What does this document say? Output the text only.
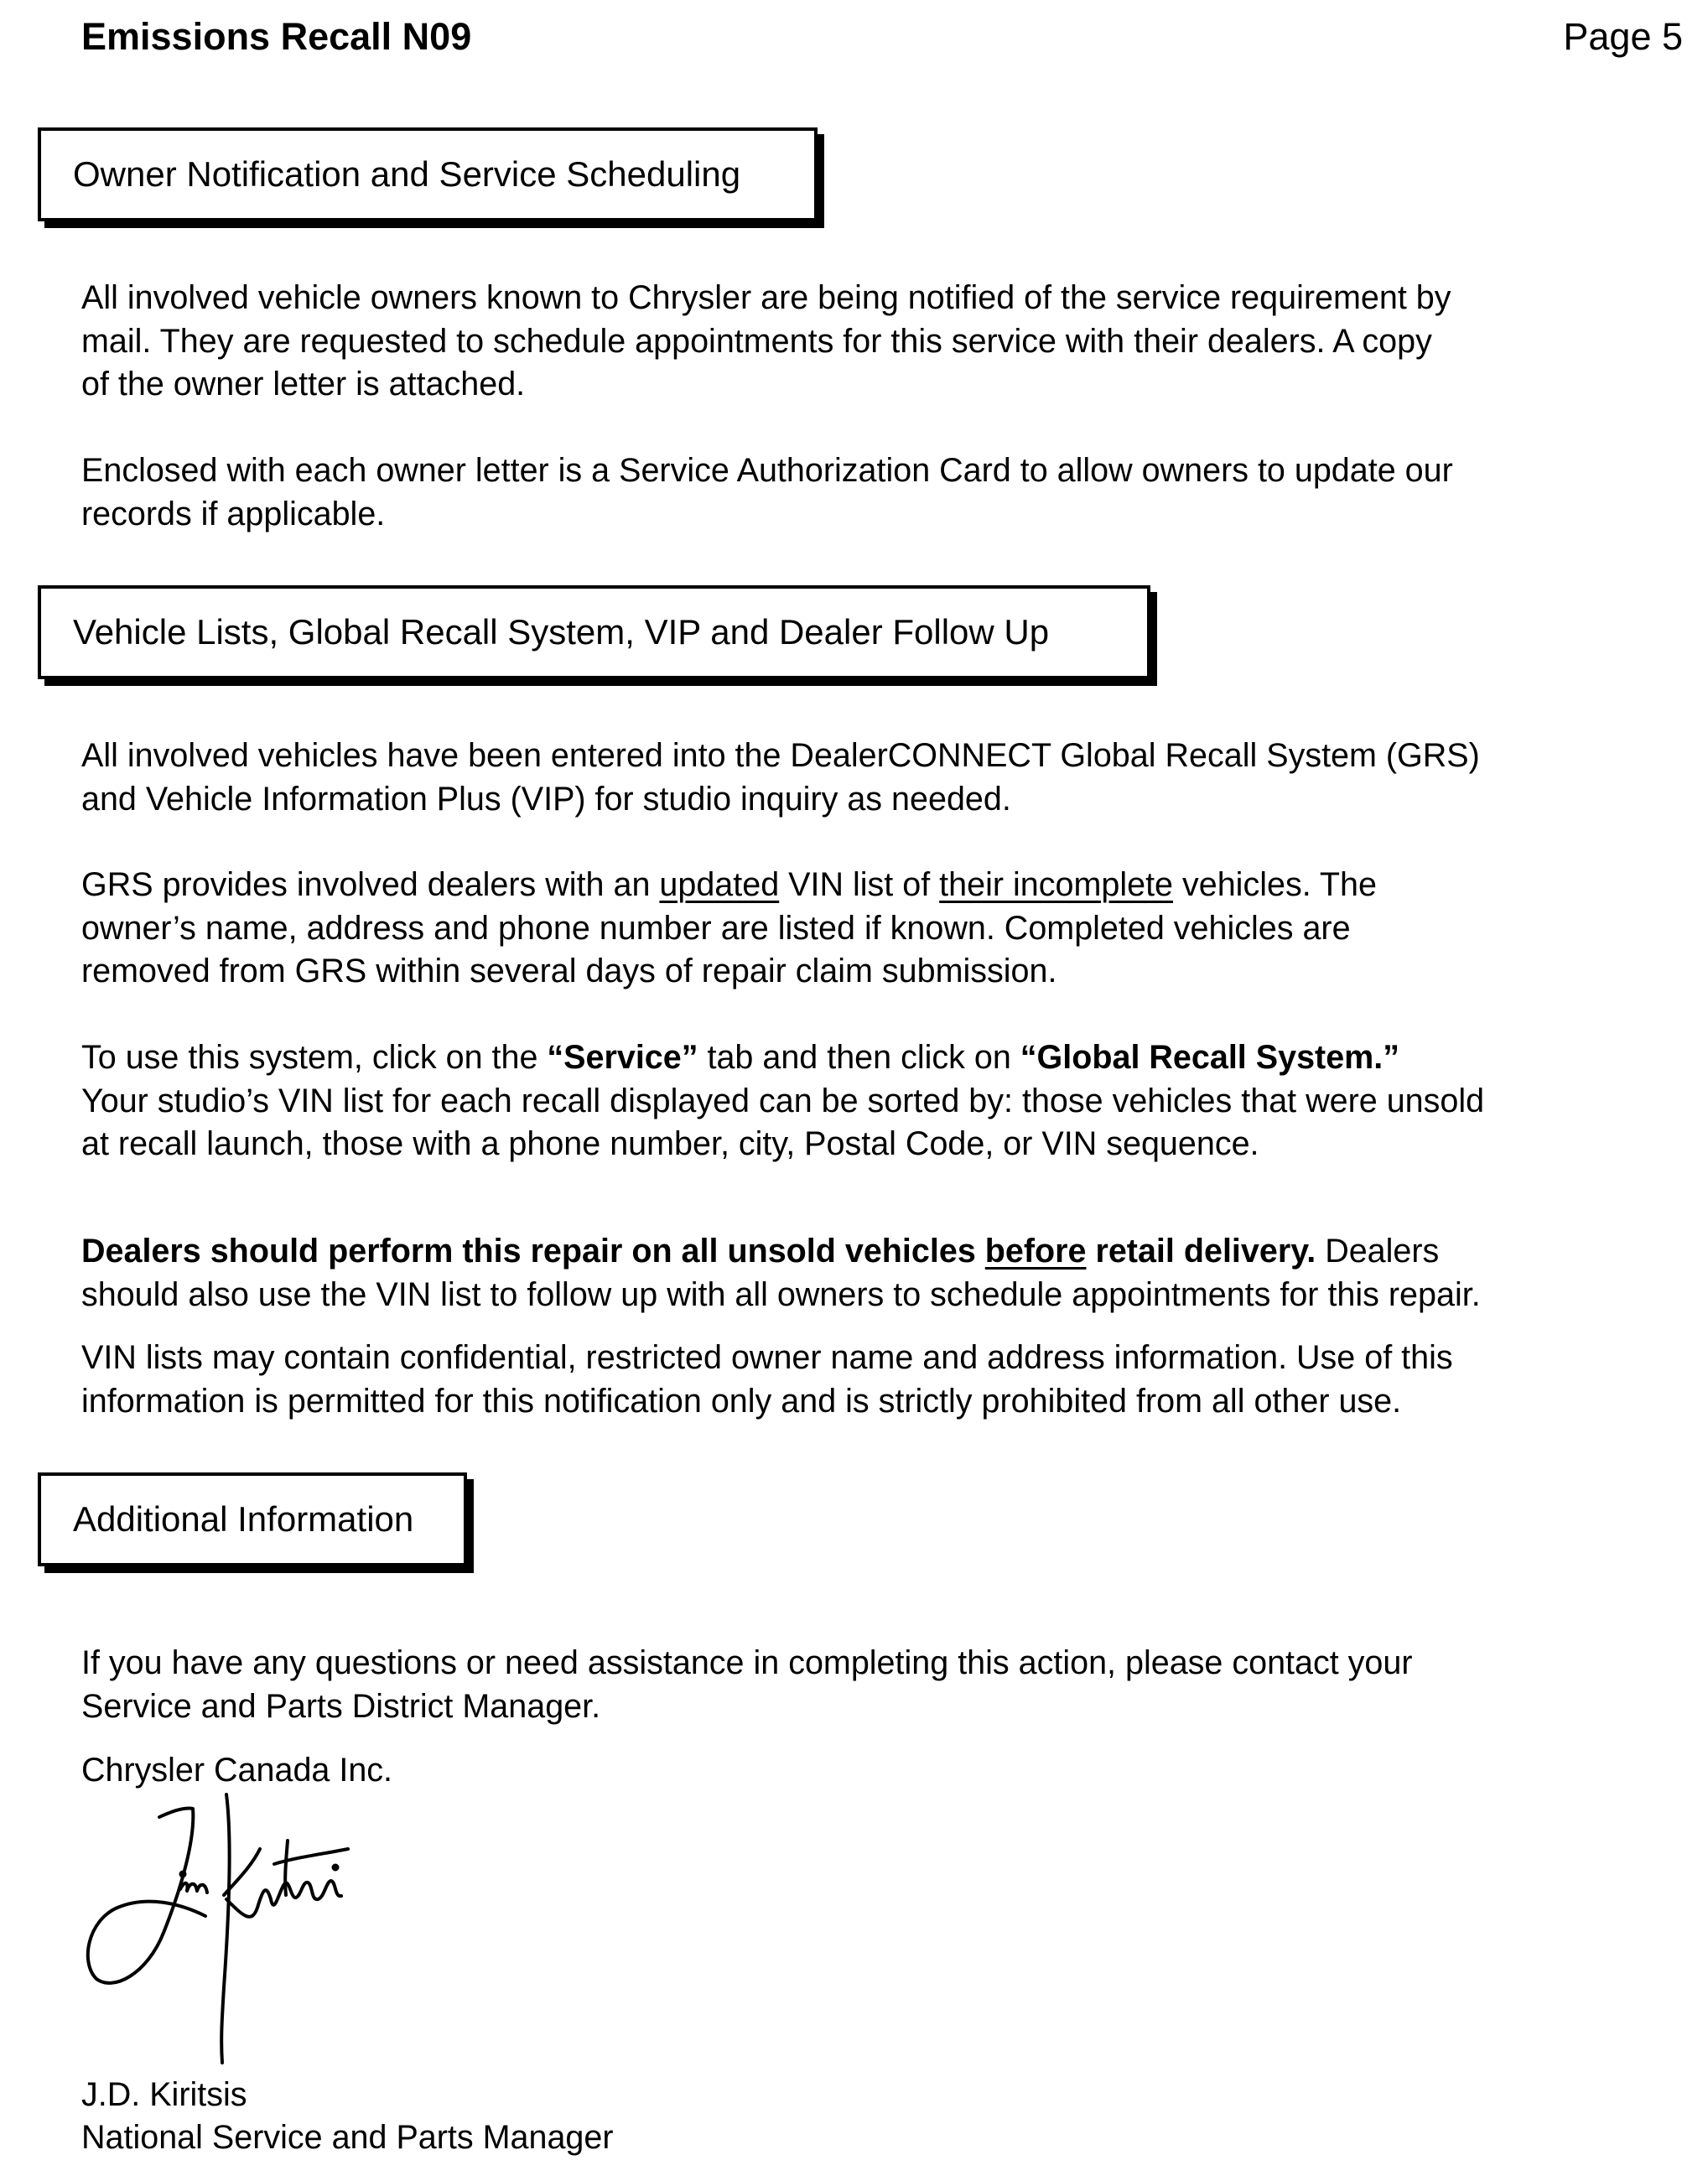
Emissions Recall N09	Page 5
Owner Notification and Service Scheduling

All involved vehicle owners known to Chrysler are being notified of the service requirement by

mail. They are requested to schedule appointments for this service with their dealers. A copy

of the owner letter is attached.

Enclosed with each owner letter is a Service Authorization Card to allow owners to update our

records if applicable.

Vehicle Lists, Global Recall System, VIP and Dealer Follow Up

All involved vehicles have been entered into the DealerCONNECT Global Recall System (GRS)

and Vehicle Information Plus (VIP) for studio inquiry as needed.

GRS provides involved dealers with an updated VIN list of their incomplete vehicles. The

owner’s name, address and phone number are listed if known. Completed vehicles are

removed from GRS within several days of repair claim submission.

To use this system, click on the “Service” tab and then click on “Global Recall System.”

Your studio’s VIN list for each recall displayed can be sorted by: those vehicles that were unsold

at recall launch, those with a phone number, city, Postal Code, or VIN sequence.

Dealers should perform this repair on all unsold vehicles before retail delivery. Dealers

should also use the VIN list to follow up with all owners to schedule appointments for this repair.

VIN lists may contain confidential, restricted owner name and address information. Use of this

information is permitted for this notification only and is strictly prohibited from all other use.

Additional Information

If you have any questions or need assistance in completing this action, please contact your

Service and Parts District Manager.

Chrysler Canada Inc.
J.D. Kiritsis
National Service and Parts Manager
